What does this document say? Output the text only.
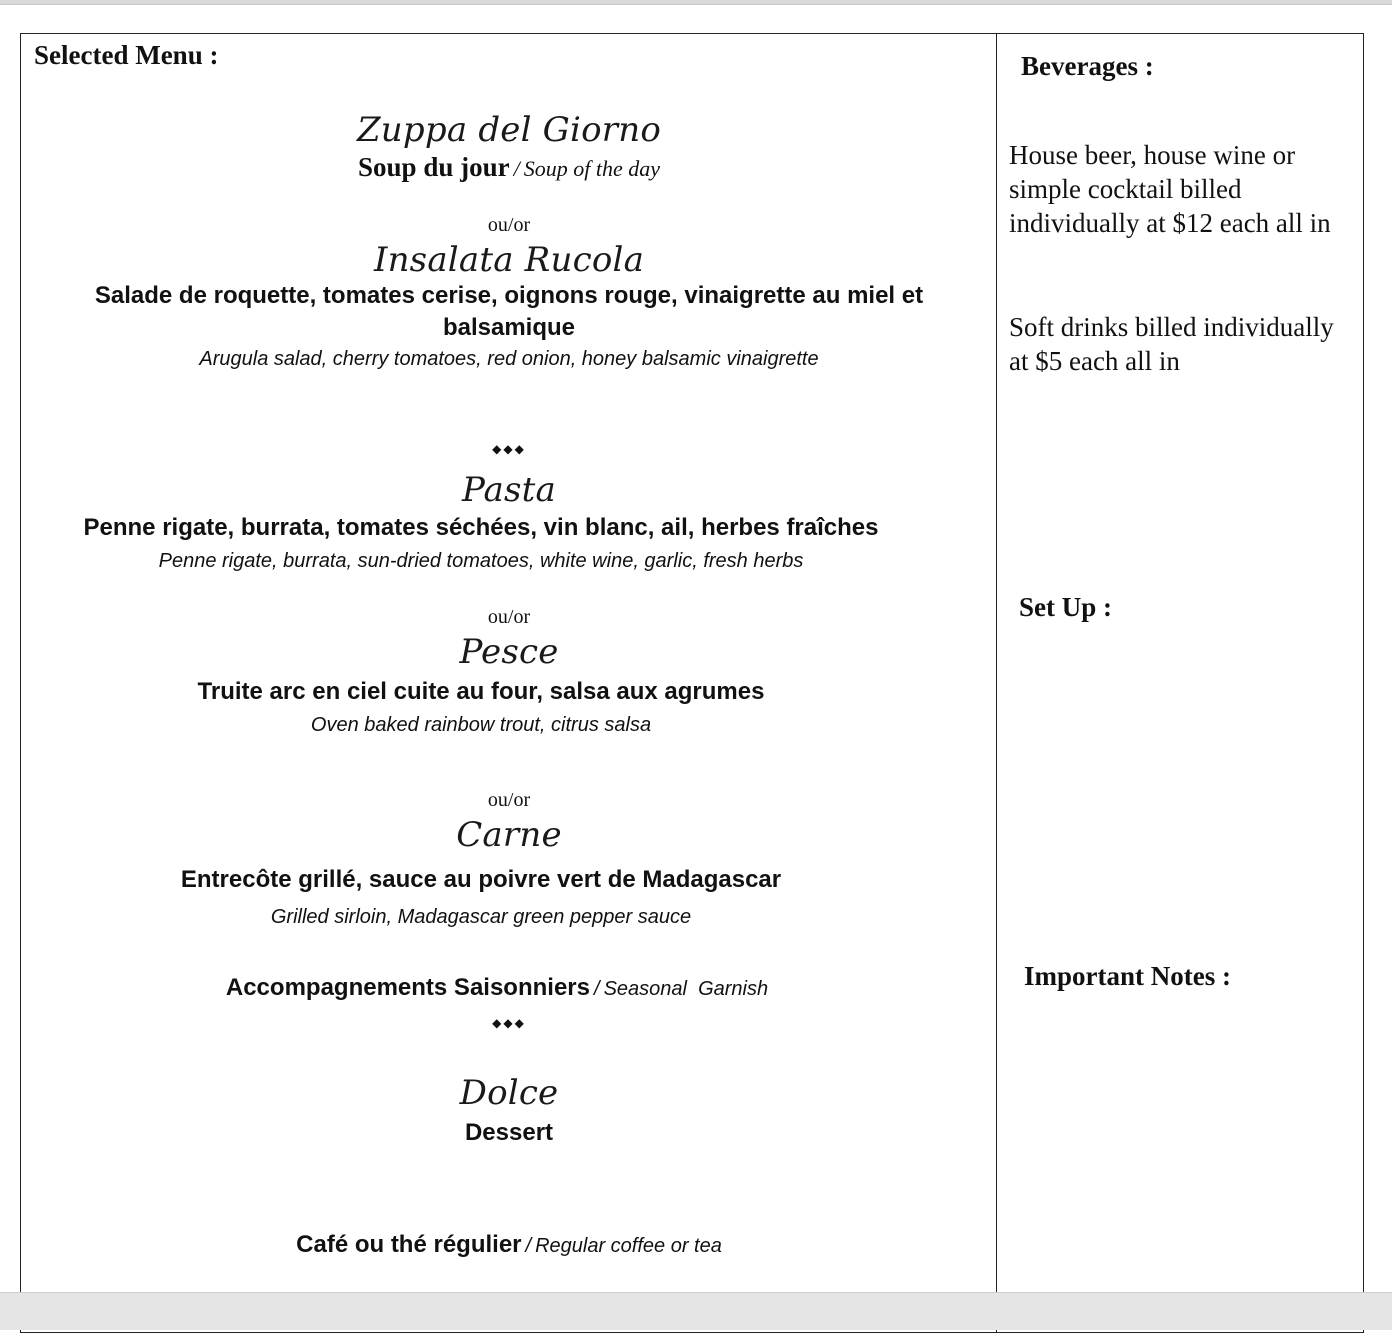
Selected Menu :
Zuppa del Giorno
Soup du jour / Soup of the day
ou/or
Insalata Rucola
Salade de roquette, tomates cerise, oignons rouge, vinaigrette au miel et balsamique
Arugula salad, cherry tomatoes, red onion, honey balsamic vinaigrette
◆◆◆
Pasta
Penne rigate, burrata, tomates séchées, vin blanc, ail, herbes fraîches
Penne rigate, burrata, sun-dried tomatoes, white wine, garlic, fresh herbs
ou/or
Pesce
Truite arc en ciel cuite au four, salsa aux agrumes
Oven baked rainbow trout, citrus salsa
ou/or
Carne
Entrecôte grillé, sauce au poivre vert de Madagascar
Grilled sirloin, Madagascar green pepper sauce
Accompagnements Saisonniers / Seasonal  Garnish
◆◆◆
Dolce
Dessert
Café ou thé régulier / Regular coffee or tea
Beverages :
House beer, house wine or simple cocktail billed individually at $12 each all in
Soft drinks billed individually at $5 each all in
Set Up :
Important Notes :
